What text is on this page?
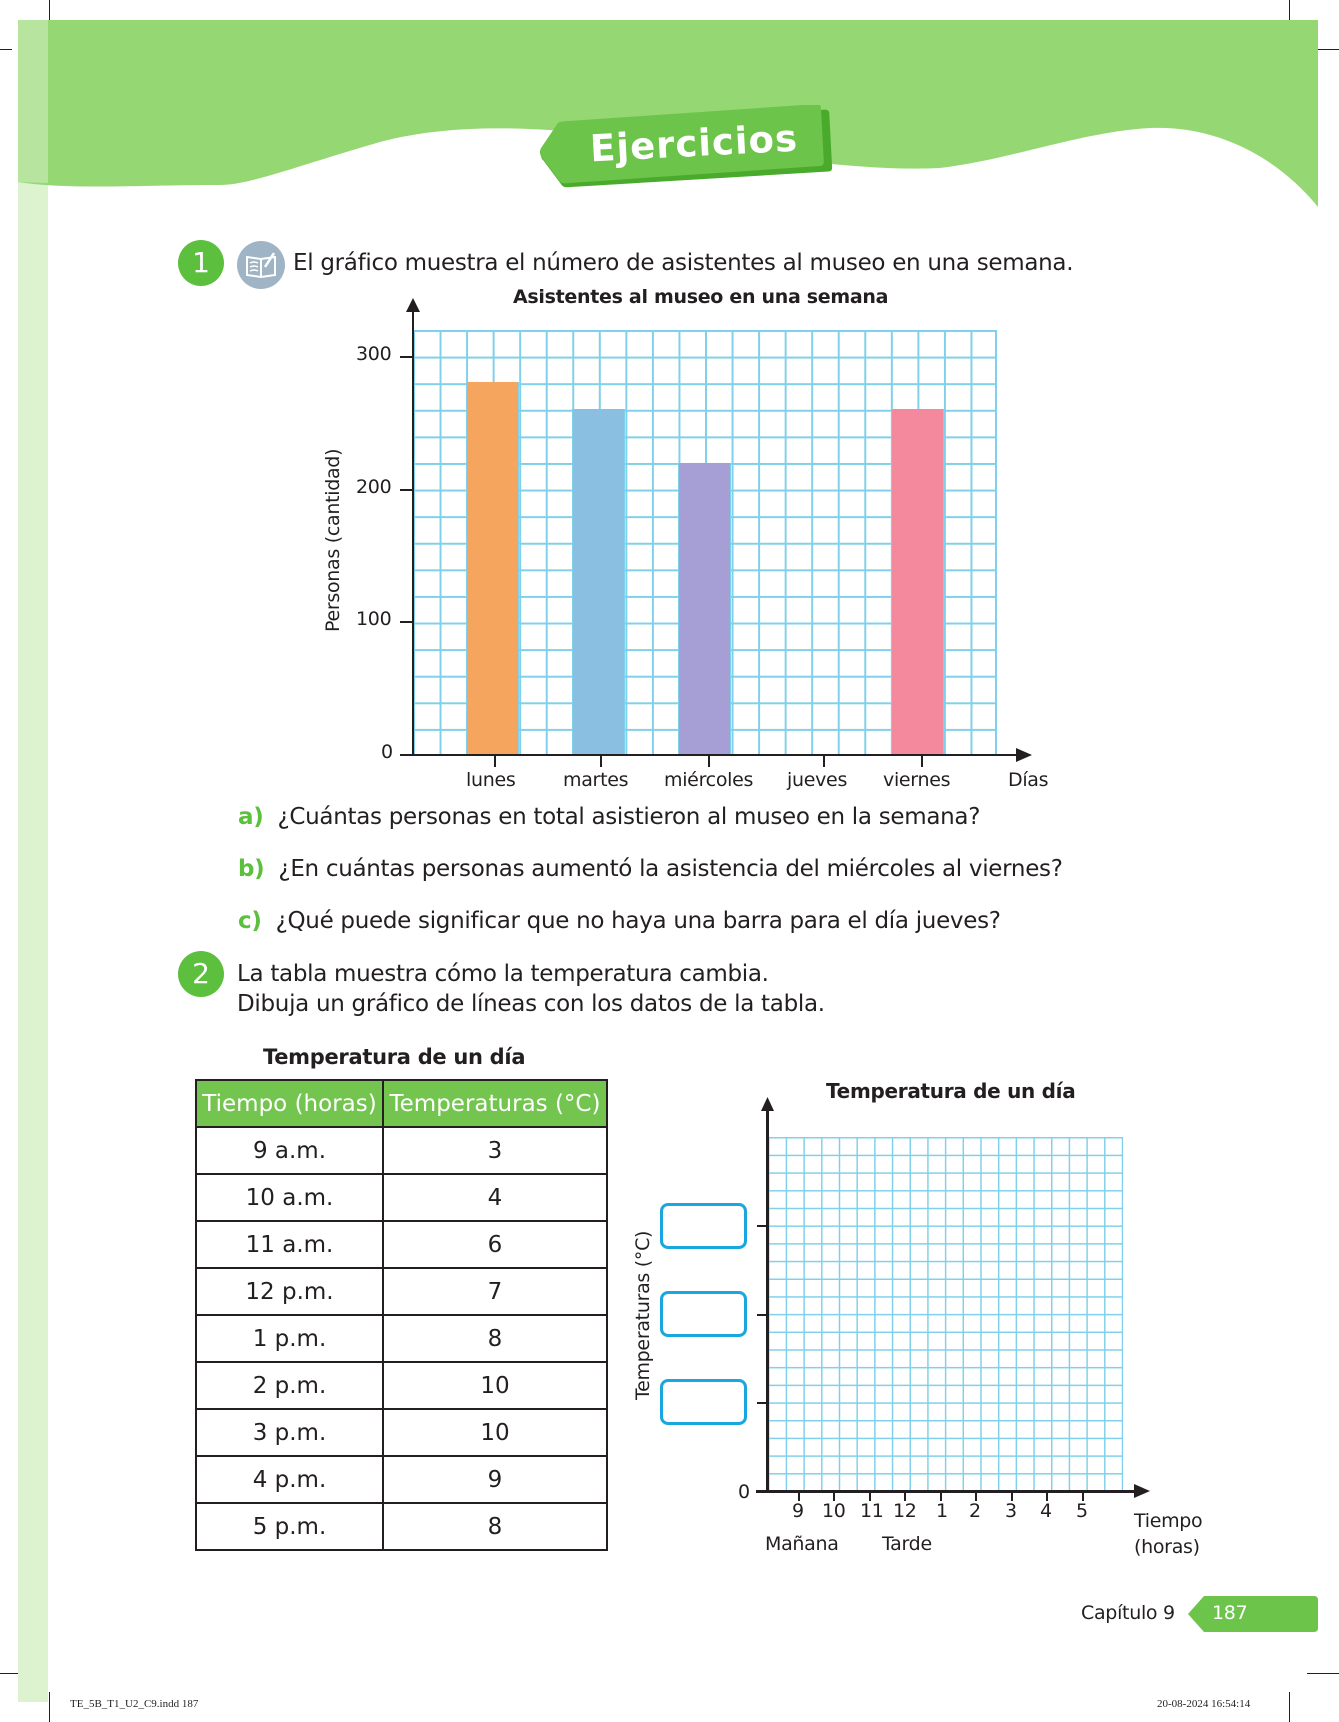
Ejercicios
1	El gráfico muestra el número de asistentes al museo en una semana.
Asistentes al museo en una semana
Personas (cantidad)
300
200
100
0
lunes	martes miércoles jueves viernes	Días
a) ¿Cuántas personas en total asistieron al museo en la semana?
b) ¿En cuántas personas aumentó la asistencia del miércoles al viernes?
c) ¿Qué puede significar que no haya una barra para el día jueves?
2	La tabla muestra cómo la temperatura cambia.
Dibuja un gráfico de líneas con los datos de la tabla.
Temperatura de un día
Tiempo (horas)	Temperaturas (°C)
9 a.m.	3
10 a.m.	4
11 a.m.	6
12 p.m.	7
1 p.m.	8
2 p.m.	10
3 p.m.	10
4 p.m.	9
5 p.m.	8
Temperatura de un día
Temperaturas (°C)
0
9 10 11 12 1 2 3 4 5
Mañana Tarde
Tiempo
(horas)
Capítulo 9 187
TE_5B_T1_U2_C9.indd 187	20-08-2024 16:54:14
